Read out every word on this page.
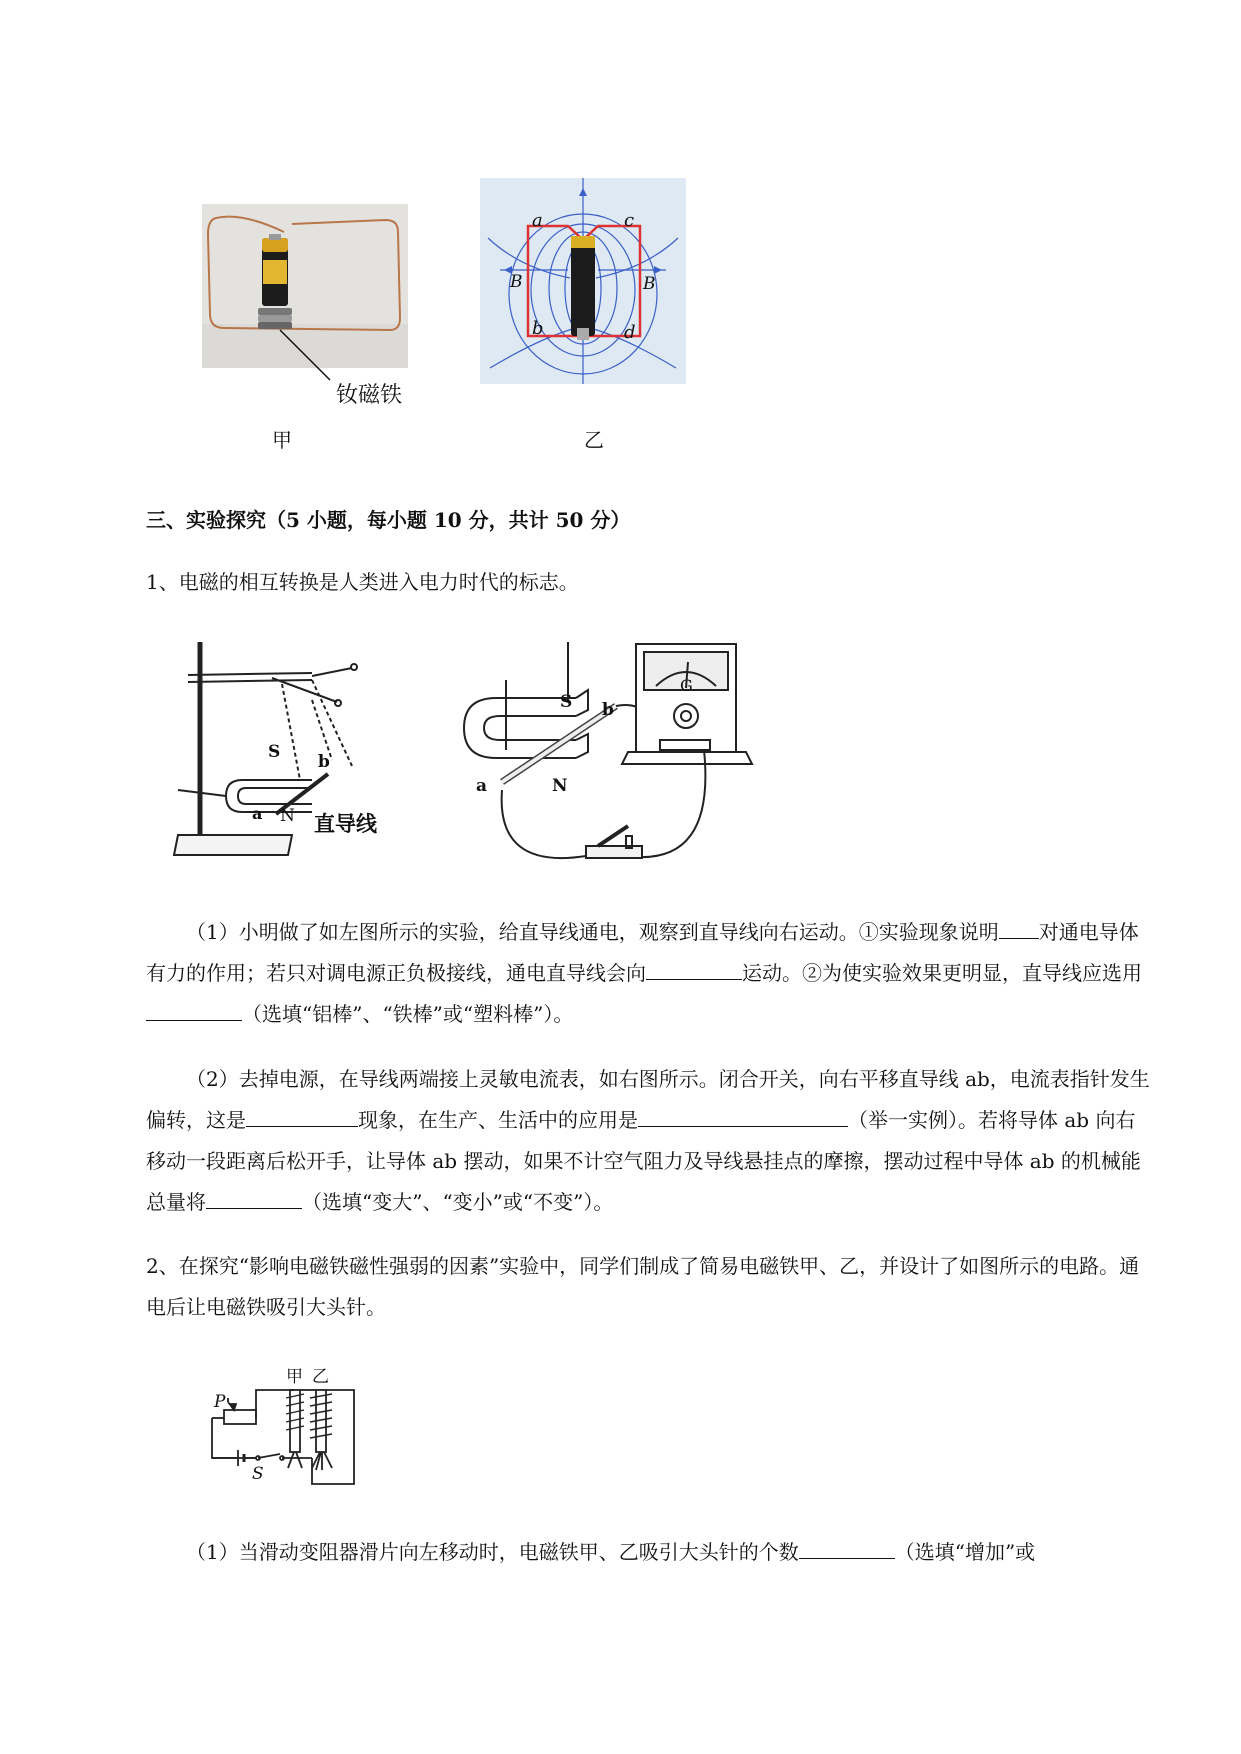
钕磁铁
甲
a	c
b	d
B	B
乙
三、实验探究（5 小题，每小题 10 分，共计 50 分）
1、电磁的相互转换是人类进入电力时代的标志。
S b
a N 直导线
S b
a	N
G
（1）小明做了如左图所示的实验，给直导线通电，观察到直导线向右运动。①实验现象说明 对通电导体有力的作用；若只对调电源正负极接线，通电直导线会向	运动。②为使实验效果更明显，直导线应选用（选填“铝棒”、“铁棒”或“塑料棒”）。
（2）去掉电源，在导线两端接上灵敏电流表，如右图所示。闭合开关，向右平移直导线 ab，电流表指针发生偏转，这是	现象，在生产、生活中的应用是	（举一实例）。若将导体 ab 向右移动一段距离后松开手，让导体 ab 摆动，如果不计空气阻力及导线悬挂点的摩擦，摆动过程中导体 ab 的机械能总量将	（选填“变大”、“变小”或“不变”）。
2、在探究“影响电磁铁磁性强弱的因素”实验中，同学们制成了简易电磁铁甲、乙，并设计了如图所示的电路。通电后让电磁铁吸引大头针。
甲 乙
P
S
（1）当滑动变阻器滑片向左移动时，电磁铁甲、乙吸引大头针的个数	（选填“增加”或
